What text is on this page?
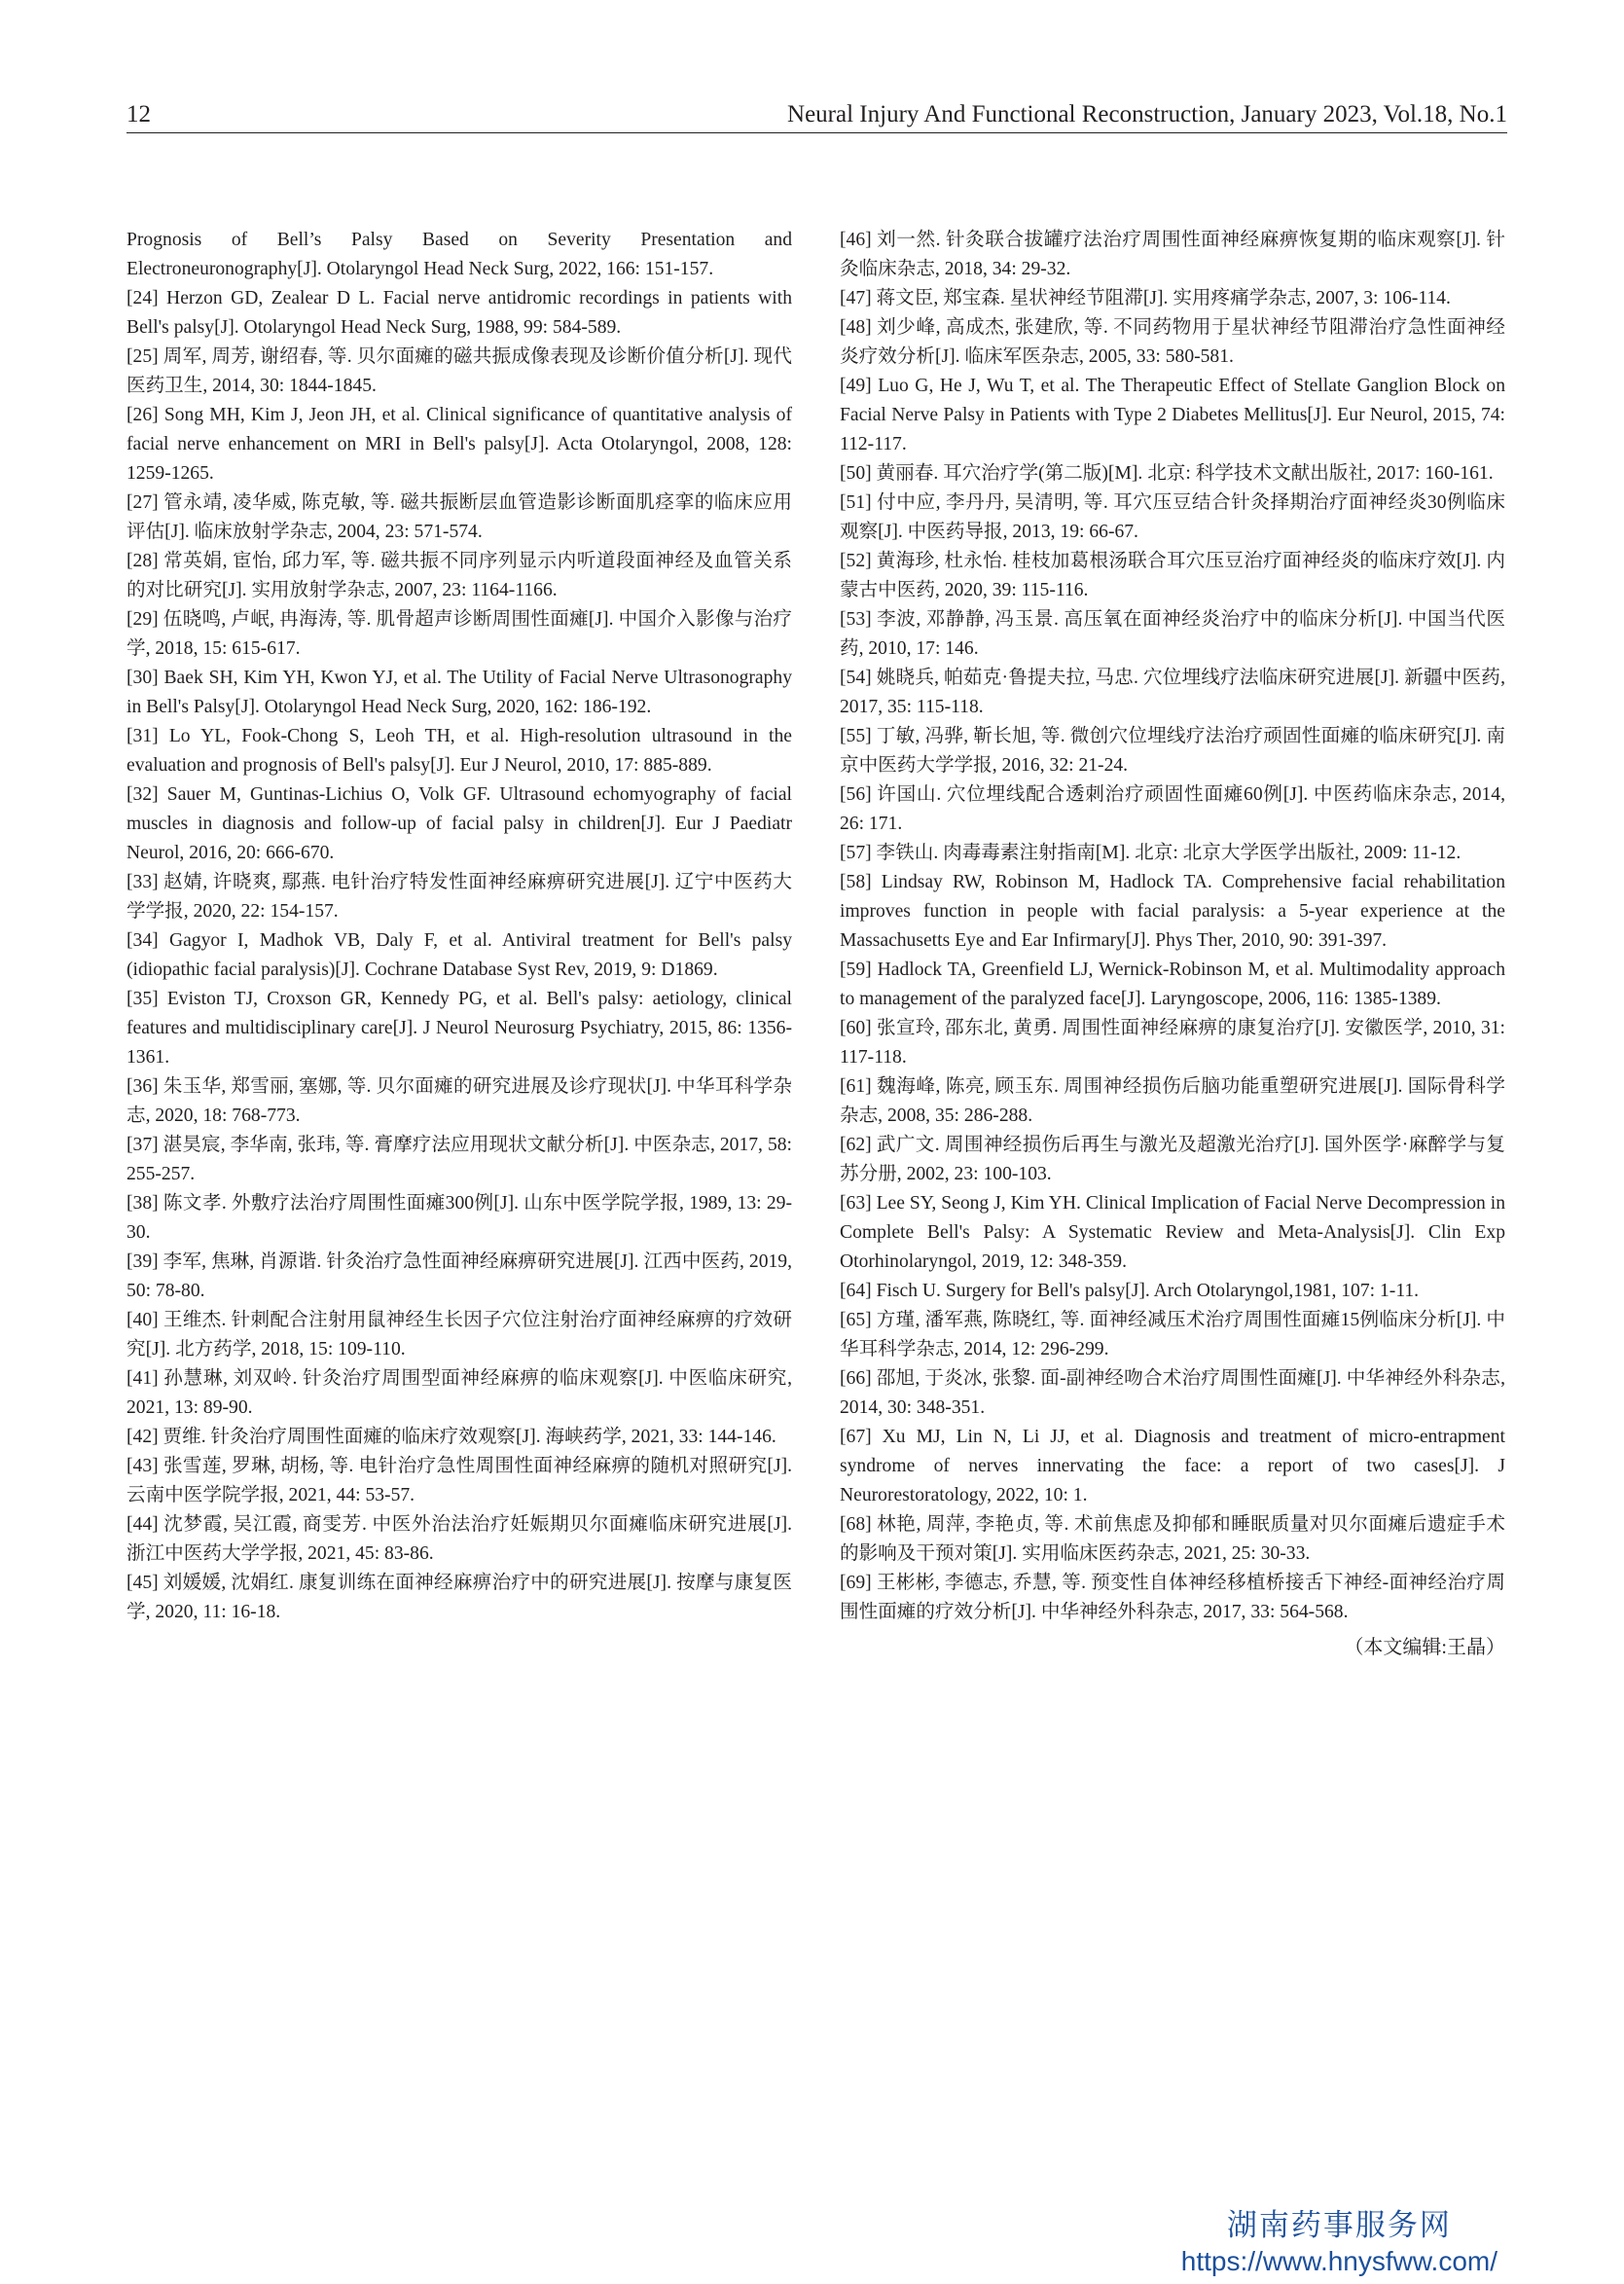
12	Neural Injury And Functional Reconstruction, January 2023, Vol.18, No.1

Prognosis of Bell’s Palsy Based on Severity Presentation and Electroneuronography[J]. Otolaryngol Head Neck Surg, 2022, 166: 151-157.

[24] Herzon GD, Zealear D L. Facial nerve antidromic recordings in patients with Bell's palsy[J]. Otolaryngol Head Neck Surg, 1988, 99: 584-589.

[25] 周军, 周芳, 谢绍春, 等. 贝尔面瘫的磁共振成像表现及诊断价值分析[J]. 现代医药卫生, 2014, 30: 1844-1845.

[26] Song MH, Kim J, Jeon JH, et al. Clinical significance of quantitative analysis of facial nerve enhancement on MRI in Bell's palsy[J]. Acta Otolaryngol, 2008, 128: 1259-1265.

[27] 管永靖, 凌华威, 陈克敏, 等. 磁共振断层血管造影诊断面肌痉挛的临床应用评估[J]. 临床放射学杂志, 2004, 23: 571-574.

[28] 常英娟, 宦怡, 邱力军, 等. 磁共振不同序列显示内听道段面神经及血管关系的对比研究[J]. 实用放射学杂志, 2007, 23: 1164-1166.

[29] 伍晓鸣, 卢岷, 冉海涛, 等. 肌骨超声诊断周围性面瘫[J]. 中国介入影像与治疗学, 2018, 15: 615-617.

[30] Baek SH, Kim YH, Kwon YJ, et al. The Utility of Facial Nerve Ultrasonography in Bell's Palsy[J]. Otolaryngol Head Neck Surg, 2020, 162: 186-192.

[31] Lo YL, Fook-Chong S, Leoh TH, et al. High-resolution ultrasound in the evaluation and prognosis of Bell's palsy[J]. Eur J Neurol, 2010, 17: 885-889.

[32] Sauer M, Guntinas-Lichius O, Volk GF. Ultrasound echomyography of facial muscles in diagnosis and follow-up of facial palsy in children[J]. Eur J Paediatr Neurol, 2016, 20: 666-670.

[33] 赵婧, 许晓爽, 鄢燕. 电针治疗特发性面神经麻痹研究进展[J]. 辽宁中医药大学学报, 2020, 22: 154-157.

[34] Gagyor I, Madhok VB, Daly F, et al. Antiviral treatment for Bell's palsy (idiopathic facial paralysis)[J]. Cochrane Database Syst Rev, 2019, 9: D1869.

[35] Eviston TJ, Croxson GR, Kennedy PG, et al. Bell's palsy: aetiology, clinical features and multidisciplinary care[J]. J Neurol Neurosurg Psychiatry, 2015, 86: 1356-1361.

[36] 朱玉华, 郑雪丽, 塞娜, 等. 贝尔面瘫的研究进展及诊疗现状[J]. 中华耳科学杂志, 2020, 18: 768-773.

[37] 湛昊宸, 李华南, 张玮, 等. 膏摩疗法应用现状文献分析[J]. 中医杂志, 2017, 58: 255-257.

[38] 陈文孝. 外敷疗法治疗周围性面瘫300例[J]. 山东中医学院学报, 1989, 13: 29-30.

[39] 李军, 焦琳, 肖源谐. 针灸治疗急性面神经麻痹研究进展[J]. 江西中医药, 2019, 50: 78-80.

[40] 王维杰. 针刺配合注射用鼠神经生长因子穴位注射治疗面神经麻痹的疗效研究[J]. 北方药学, 2018, 15: 109-110.

[41] 孙慧琳, 刘双岭. 针灸治疗周围型面神经麻痹的临床观察[J]. 中医临床研究, 2021, 13: 89-90.

[42] 贾维. 针灸治疗周围性面瘫的临床疗效观察[J]. 海峡药学, 2021, 33: 144-146.

[43] 张雪莲, 罗琳, 胡杨, 等. 电针治疗急性周围性面神经麻痹的随机对照研究[J]. 云南中医学院学报, 2021, 44: 53-57.

[44] 沈梦霞, 吴江霞, 商雯芳. 中医外治法治疗妊娠期贝尔面瘫临床研究进展[J]. 浙江中医药大学学报, 2021, 45: 83-86.

[45] 刘媛媛, 沈娟红. 康复训练在面神经麻痹治疗中的研究进展[J]. 按摩与康复医学, 2020, 11: 16-18.

[46] 刘一然. 针灸联合拔罐疗法治疗周围性面神经麻痹恢复期的临床观察[J]. 针灸临床杂志, 2018, 34: 29-32.

[47] 蒋文臣, 郑宝森. 星状神经节阻滞[J]. 实用疼痛学杂志, 2007, 3: 106-114.

[48] 刘少峰, 高成杰, 张建欣, 等. 不同药物用于星状神经节阻滞治疗急性面神经炎疗效分析[J]. 临床军医杂志, 2005, 33: 580-581.

[49] Luo G, He J, Wu T, et al. The Therapeutic Effect of Stellate Ganglion Block on Facial Nerve Palsy in Patients with Type 2 Diabetes Mellitus[J]. Eur Neurol, 2015, 74: 112-117.

[50] 黄丽春. 耳穴治疗学(第二版)[M]. 北京: 科学技术文献出版社, 2017: 160-161.

[51] 付中应, 李丹丹, 吴清明, 等. 耳穴压豆结合针灸择期治疗面神经炎30例临床观察[J]. 中医药导报, 2013, 19: 66-67.

[52] 黄海珍, 杜永怡. 桂枝加葛根汤联合耳穴压豆治疗面神经炎的临床疗效[J]. 内蒙古中医药, 2020, 39: 115-116.

[53] 李波, 邓静静, 冯玉景. 高压氧在面神经炎治疗中的临床分析[J]. 中国当代医药, 2010, 17: 146.

[54] 姚晓兵, 帕茹克·鲁提夫拉, 马忠. 穴位埋线疗法临床研究进展[J]. 新疆中医药, 2017, 35: 115-118.

[55] 丁敏, 冯骅, 靳长旭, 等. 微创穴位埋线疗法治疗顽固性面瘫的临床研究[J]. 南京中医药大学学报, 2016, 32: 21-24.

[56] 许国山. 穴位埋线配合透刺治疗顽固性面瘫60例[J]. 中医药临床杂志, 2014, 26: 171.

[57] 李铁山. 肉毒毒素注射指南[M]. 北京: 北京大学医学出版社, 2009: 11-12.

[58] Lindsay RW, Robinson M, Hadlock TA. Comprehensive facial rehabilitation improves function in people with facial paralysis: a 5-year experience at the Massachusetts Eye and Ear Infirmary[J]. Phys Ther, 2010, 90: 391-397.

[59] Hadlock TA, Greenfield LJ, Wernick-Robinson M, et al. Multimodality approach to management of the paralyzed face[J]. Laryngoscope, 2006, 116: 1385-1389.

[60] 张宣玲, 邵东北, 黄勇. 周围性面神经麻痹的康复治疗[J]. 安徽医学, 2010, 31: 117-118.

[61] 魏海峰, 陈亮, 顾玉东. 周围神经损伤后脑功能重塑研究进展[J]. 国际骨科学杂志, 2008, 35: 286-288.

[62] 武广文. 周围神经损伤后再生与激光及超激光治疗[J]. 国外医学·麻醉学与复苏分册, 2002, 23: 100-103.

[63] Lee SY, Seong J, Kim YH. Clinical Implication of Facial Nerve Decompression in Complete Bell's Palsy: A Systematic Review and Meta-Analysis[J]. Clin Exp Otorhinolaryngol, 2019, 12: 348-359.

[64] Fisch U. Surgery for Bell's palsy[J]. Arch Otolaryngol,1981, 107: 1-11.

[65] 方瑾, 潘军燕, 陈晓红, 等. 面神经减压术治疗周围性面瘫15例临床分析[J]. 中华耳科学杂志, 2014, 12: 296-299.

[66] 邵旭, 于炎冰, 张黎. 面-副神经吻合术治疗周围性面瘫[J]. 中华神经外科杂志, 2014, 30: 348-351.

[67] Xu MJ, Lin N, Li JJ, et al. Diagnosis and treatment of micro-entrapment syndrome of nerves innervating the face: a report of two cases[J]. J Neurorestoratology, 2022, 10: 1.

[68] 林艳, 周萍, 李艳贞, 等. 术前焦虑及抑郁和睡眠质量对贝尔面瘫后遗症手术的影响及干预对策[J]. 实用临床医药杂志, 2021, 25: 30-33.

[69] 王彬彬, 李德志, 乔慧, 等. 预变性自体神经移植桥接舌下神经-面神经治疗周围性面瘫的疗效分析[J]. 中华神经外科杂志, 2017, 33: 564-568.

（本文编辑:王晶）
湖南药事服务网
https://www.hnysfww.com/
